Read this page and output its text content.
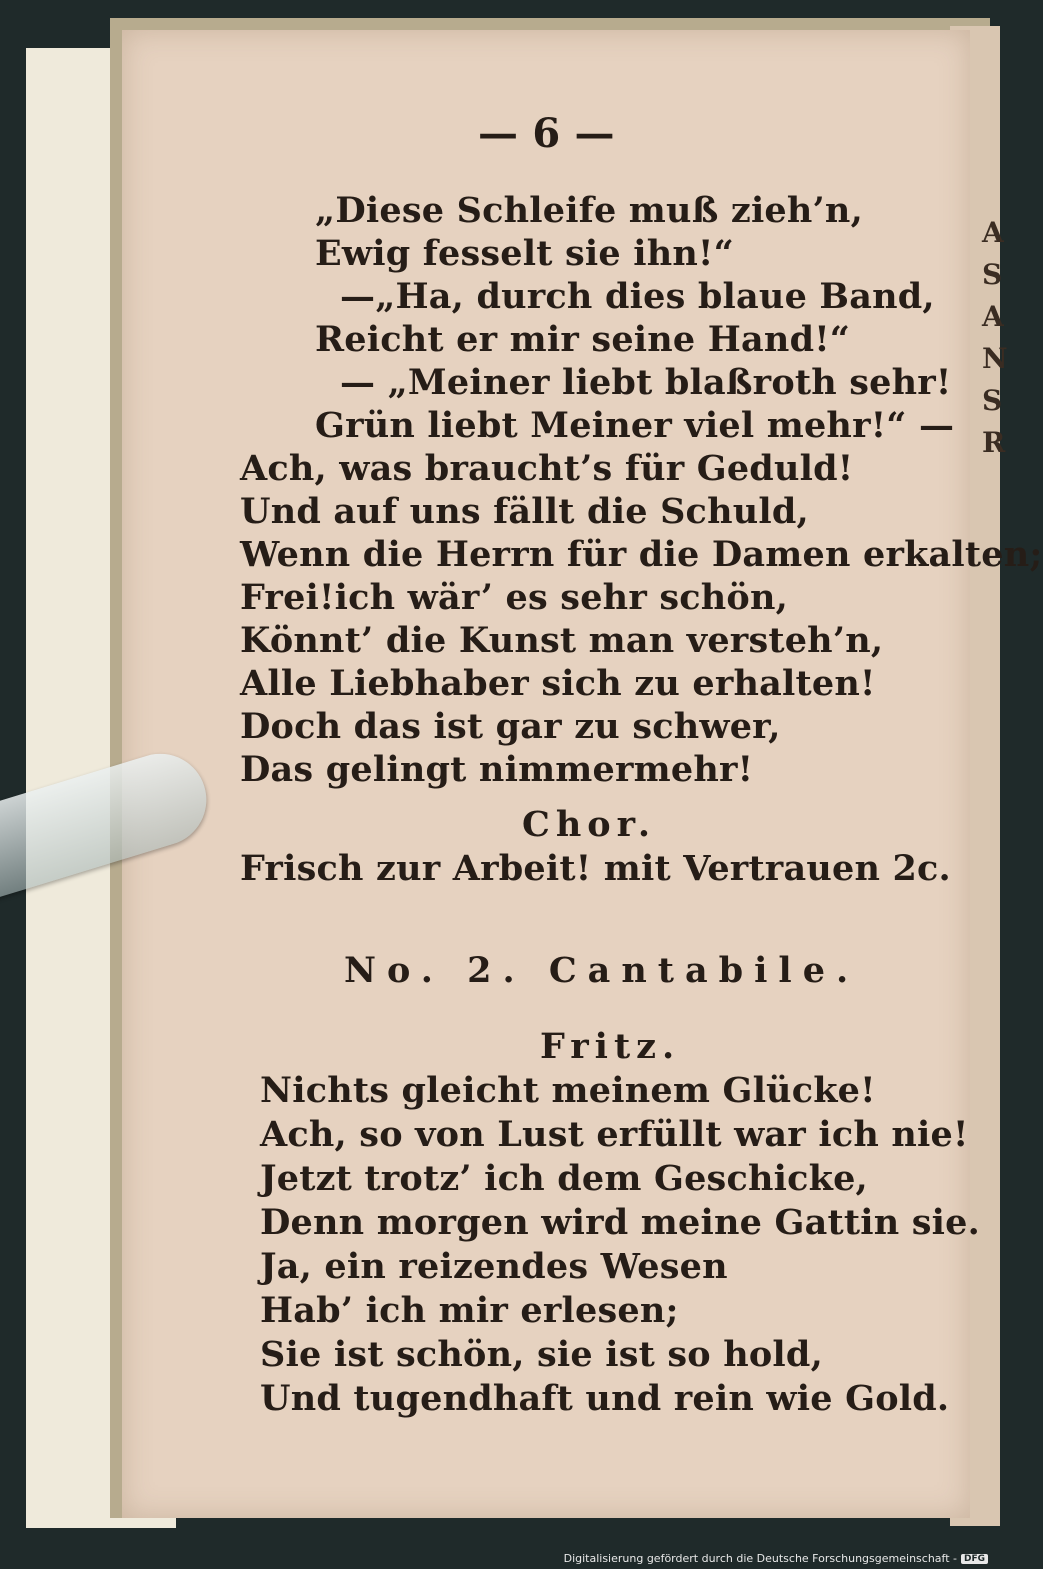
A
S
A
N
S
R
— 6 —
„Diese Schleife muß zieh’n,
Ewig fesselt sie ihn!“
—„Ha, durch dies blaue Band,
Reicht er mir seine Hand!“
— „Meiner liebt blaßroth sehr!
Grün liebt Meiner viel mehr!“ —
Ach, was braucht’s für Geduld!
Und auf uns fällt die Schuld,
Wenn die Herrn für die Damen erkalten;
Frei!ich wär’ es sehr schön,
Könnt’ die Kunst man versteh’n,
Alle Liebhaber sich zu erhalten!
Doch das ist gar zu schwer,
Das gelingt nimmermehr!
Chor.
Frisch zur Arbeit! mit Vertrauen 2c.
No. 2. Cantabile.
Fritz.
Nichts gleicht meinem Glücke!
Ach, so von Lust erfüllt war ich nie!
Jetzt trotz’ ich dem Geschicke,
Denn morgen wird meine Gattin sie.
Ja, ein reizendes Wesen
Hab’ ich mir erlesen;
Sie ist schön, sie ist so hold,
Und tugendhaft und rein wie Gold.
Digitalisierung gefördert durch die Deutsche Forschungsgemeinschaft - DFG
